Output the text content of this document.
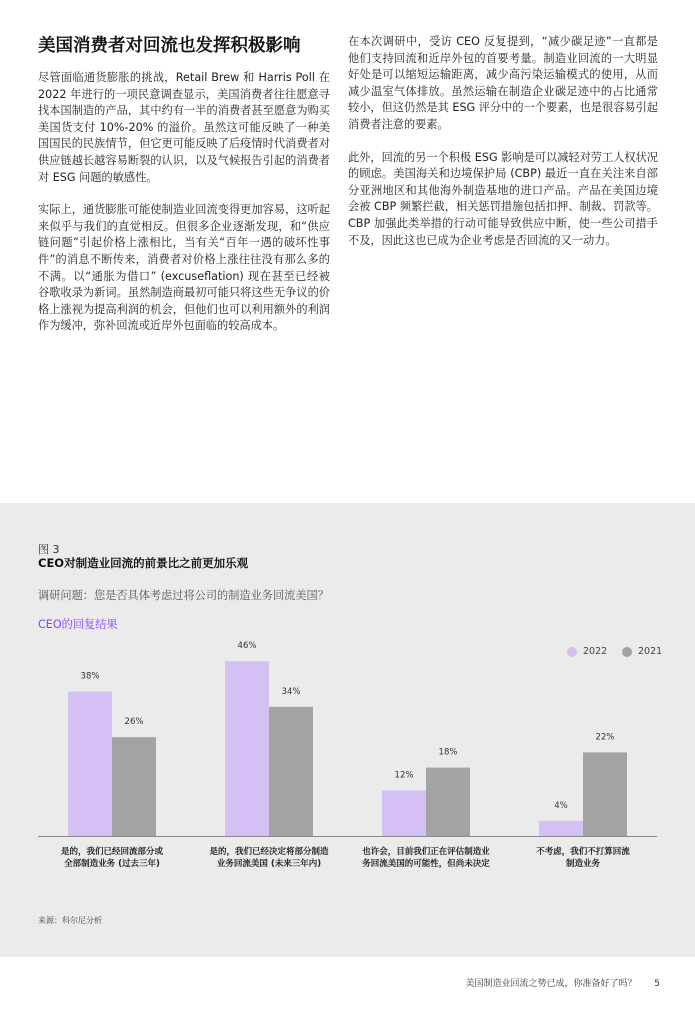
美国消费者对回流也发挥积极影响

尽管面临通货膨胀的挑战，Retail Brew 和 Harris Poll 在 2022 年进行的一项民意调查显示，美国消费者往往愿意寻找本国制造的产品，其中约有一半的消费者甚至愿意为购买美国货支付 10%-20% 的溢价。虽然这可能反映了一种美国国民的民族情节，但它更可能反映了后疫情时代消费者对供应链越长越容易断裂的认识，以及气候报告引起的消费者对 ESG 问题的敏感性。

实际上，通货膨胀可能使制造业回流变得更加容易，这听起来似乎与我们的直觉相反。但很多企业逐渐发现，和“供应链问题”引起价格上涨相比，当有关“百年一遇的破坏性事件”的消息不断传来，消费者对价格上涨往往没有那么多的不满。以“通胀为借口” (excuseflation) 现在甚至已经被谷歌收录为新词。虽然制造商最初可能只将这些无争议的价格上涨视为提高利润的机会，但他们也可以利用额外的利润作为缓冲，弥补回流或近岸外包面临的较高成本。

在本次调研中，受访 CEO 反复提到，“减少碳足迹”一直都是他们支持回流和近岸外包的首要考量。制造业回流的一大明显好处是可以缩短运输距离，减少高污染运输模式的使用，从而减少温室气体排放。虽然运输在制造企业碳足迹中的占比通常较小，但这仍然是其 ESG 评分中的一个要素，也是很容易引起消费者注意的要素。

此外，回流的另一个积极 ESG 影响是可以减轻对劳工人权状况的顾虑。美国海关和边境保护局 (CBP) 最近一直在关注来自部分亚洲地区和其他海外制造基地的进口产品。产品在美国边境会被 CBP 频繁拦截，相关惩罚措施包括扣押、制裁、罚款等。CBP 加强此类举措的行动可能导致供应中断，使一些公司措手不及，因此这也已成为企业考虑是否回流的又一动力。

图 3
CEO对制造业回流的前景比之前更加乐观
调研问题：您是否具体考虑过将公司的制造业务回流美国？
CEO的回复结果
2022	2021
38%
26%
是的，我们已经回流部分或
全部制造业务 (过去三年)
46%
34%
是的，我们已经决定将部分制造
业务回流美国 (未来三年内)
12%
18%
也许会，目前我们正在评估制造业
务回流美国的可能性，但尚未决定
4%
22%
不考虑，我们不打算回流
制造业务
来源：科尔尼分析
美国制造业回流之势已成，你准备好了吗？ 5
